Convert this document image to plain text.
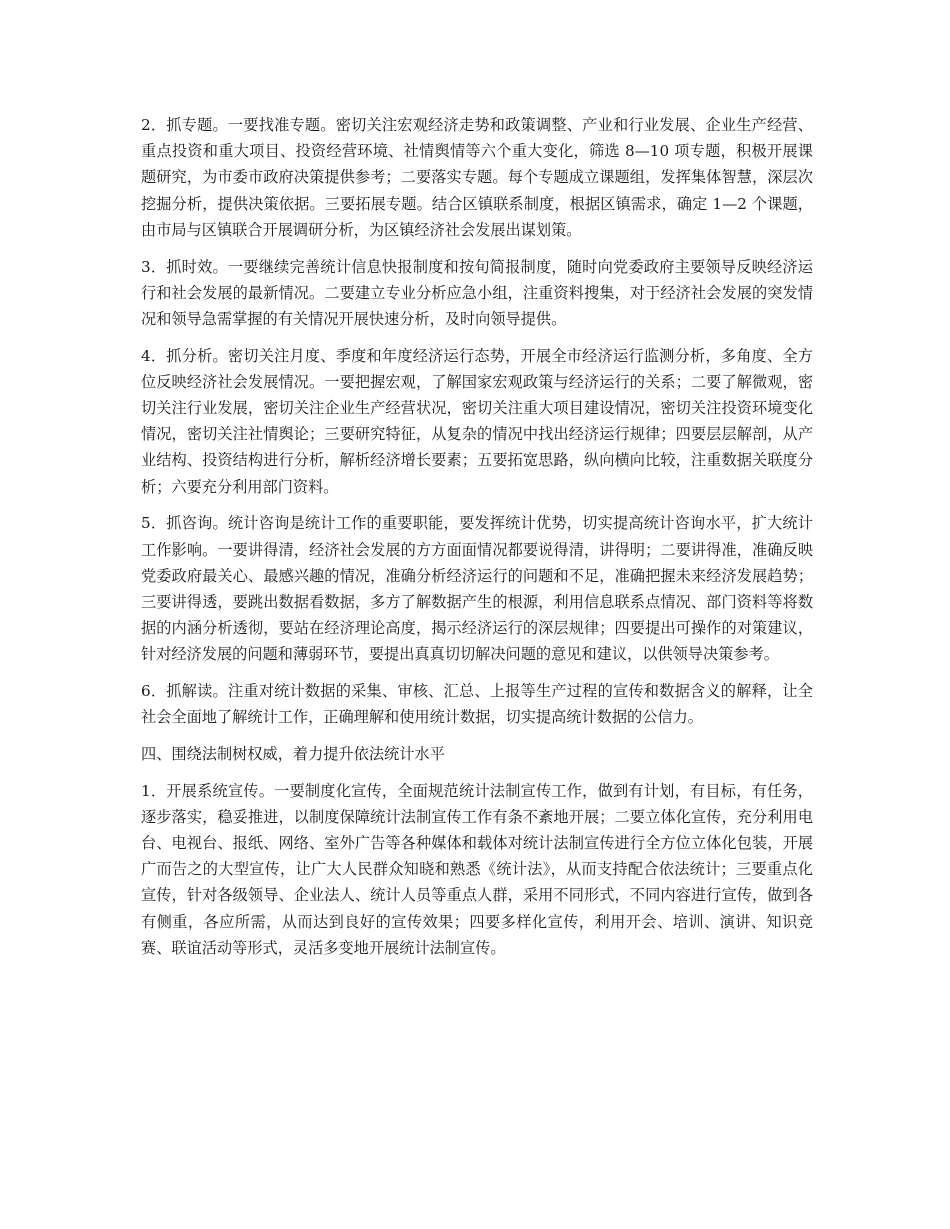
2．抓专题。一要找准专题。密切关注宏观经济走势和政策调整、产业和行业发展、企业生产经营、重点投资和重大项目、投资经营环境、社情舆情等六个重大变化，筛选 8—10 项专题，积极开展课题研究，为市委市政府决策提供参考；二要落实专题。每个专题成立课题组，发挥集体智慧，深层次挖掘分析，提供决策依据。三要拓展专题。结合区镇联系制度，根据区镇需求，确定 1—2 个课题，由市局与区镇联合开展调研分析，为区镇经济社会发展出谋划策。

3．抓时效。一要继续完善统计信息快报制度和按旬简报制度，随时向党委政府主要领导反映经济运行和社会发展的最新情况。二要建立专业分析应急小组，注重资料搜集，对于经济社会发展的突发情况和领导急需掌握的有关情况开展快速分析，及时向领导提供。

4．抓分析。密切关注月度、季度和年度经济运行态势，开展全市经济运行监测分析，多角度、全方位反映经济社会发展情况。一要把握宏观，了解国家宏观政策与经济运行的关系；二要了解微观，密切关注行业发展，密切关注企业生产经营状况，密切关注重大项目建设情况，密切关注投资环境变化情况，密切关注社情舆论；三要研究特征，从复杂的情况中找出经济运行规律；四要层层解剖，从产业结构、投资结构进行分析，解析经济增长要素；五要拓宽思路，纵向横向比较，注重数据关联度分析；六要充分利用部门资料。

5．抓咨询。统计咨询是统计工作的重要职能，要发挥统计优势，切实提高统计咨询水平，扩大统计工作影响。一要讲得清，经济社会发展的方方面面情况都要说得清，讲得明；二要讲得准，准确反映党委政府最关心、最感兴趣的情况，准确分析经济运行的问题和不足，准确把握未来经济发展趋势；三要讲得透，要跳出数据看数据，多方了解数据产生的根源，利用信息联系点情况、部门资料等将数据的内涵分析透彻，要站在经济理论高度，揭示经济运行的深层规律；四要提出可操作的对策建议，针对经济发展的问题和薄弱环节，要提出真真切切解决问题的意见和建议，以供领导决策参考。

6．抓解读。注重对统计数据的采集、审核、汇总、上报等生产过程的宣传和数据含义的解释，让全社会全面地了解统计工作，正确理解和使用统计数据，切实提高统计数据的公信力。

四、围绕法制树权威，着力提升依法统计水平

1．开展系统宣传。一要制度化宣传，全面规范统计法制宣传工作，做到有计划，有目标，有任务，逐步落实，稳妥推进，以制度保障统计法制宣传工作有条不紊地开展；二要立体化宣传，充分利用电台、电视台、报纸、网络、室外广告等各种媒体和载体对统计法制宣传进行全方位立体化包装，开展广而告之的大型宣传，让广大人民群众知晓和熟悉《统计法》，从而支持配合依法统计；三要重点化宣传，针对各级领导、企业法人、统计人员等重点人群，采用不同形式，不同内容进行宣传，做到各有侧重，各应所需，从而达到良好的宣传效果；四要多样化宣传，利用开会、培训、演讲、知识竞赛、联谊活动等形式，灵活多变地开展统计法制宣传。
